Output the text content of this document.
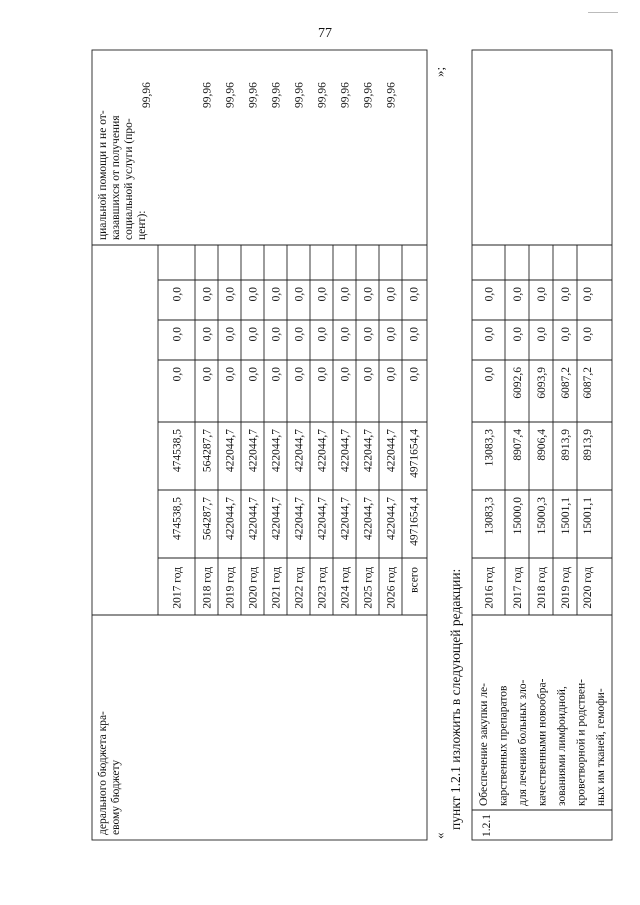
77
дерального бюджета кра- евому бюджету
циальной помощи и не от- казавшихся от получения социальной услуги (про- цент):
99,96
2017 год
474538,5
474538,5
0,0
0,0
0,0
2018 год
564287,7
564287,7
0,0
0,0
0,0
99,96
2019 год
422044,7
422044,7
0,0
0,0
0,0
99,96
2020 год
422044,7
422044,7
0,0
0,0
0,0
99,96
2021 год
422044,7
422044,7
0,0
0,0
0,0
99,96
2022 год
422044,7
422044,7
0,0
0,0
0,0
99,96
2023 год
422044,7
422044,7
0,0
0,0
0,0
99,96
2024 год
422044,7
422044,7
0,0
0,0
0,0
99,96
2025 год
422044,7
422044,7
0,0
0,0
0,0
99,96
2026 год
422044,7
422044,7
0,0
0,0
0,0
99,96
всего
4971654,4
4971654,4
0,0
0,0
0,0
«
пункт 1.2.1 изложить в следующей редакции:
»;
1.2.1
Обеспечение закупки ле- карственных препаратов для лечения больных зло- качественными новообра- зованиями лимфоидной, кроветворной и родствен- ных им тканей, гемофи-
2016 год
13083,3
13083,3
0,0
0,0
0,0
2017 год
15000,0
8907,4
6092,6
0,0
0,0
2018 год
15000,3
8906,4
6093,9
0,0
0,0
2019 год
15001,1
8913,9
6087,2
0,0
0,0
2020 год
15001,1
8913,9
6087,2
0,0
0,0
